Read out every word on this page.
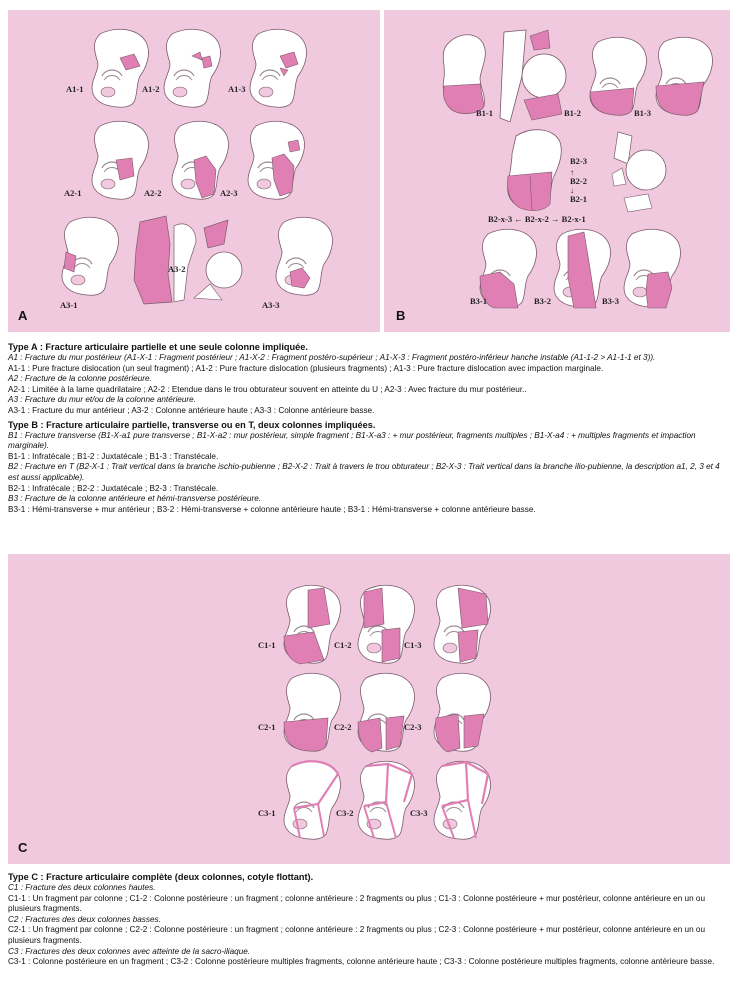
A1-1	A1-2	A1-3
A2-1	A2-2	A2-3
A3-1
A3-2
A3-3
A
B1-1	B1-2	B1-3
B2-3
↑
B2-2
↓
B2-1
B2-x-3 ← B2-x-2 → B2-x-1
B3-1	B3-2	B3-3
B

Type A : Fracture articulaire partielle et une seule colonne impliquée.

A1 : Fracture du mur postérieur (A1-X-1 : Fragment postérieur ; A1-X-2 : Fragment postéro-supérieur ; A1-X-3 : Fragment postéro-inférieur hanche instable (A1-1-2 > A1-1-1 et 3)).

A1-1 : Pure fracture dislocation (un seul fragment) ; A1-2 : Pure fracture dislocation (plusieurs fragments) ; A1-3 : Pure fracture dislocation avec impaction marginale.

A2 : Fracture de la colonne postérieure.

A2-1 : Limitée à la lame quadrilataire ; A2-2 : Etendue dans le trou obturateur souvent en atteinte du U ; A2-3 : Avec fracture du mur postérieur..

A3 : Fracture du mur et/ou de la colonne antérieure.

A3-1 : Fracture du mur antérieur ; A3-2 : Colonne antérieure haute ; A3-3 : Colonne antérieure basse.

Type B : Fracture articulaire partielle, transverse ou en T, deux colonnes impliquées.

B1 : Fracture transverse (B1-X-a1 pure transverse ; B1-X-a2 : mur postérieur, simple fragment ; B1-X-a3 : + mur postérieur, fragments multiples ; B1-X-a4 : + multiples fragments et impaction marginale).

B1-1 : Infratécale ; B1-2 : Juxtatécale ; B1-3 : Transtécale.

B2 : Fracture en T (B2-X-1 : Trait vertical dans la branche ischio-pubienne ; B2-X-2 : Trait à travers le trou obturateur ; B2-X-3 : Trait vertical dans la branche ilio-pubienne, la description a1, 2, 3 et 4 est aussi applicable).

B2-1 : Infratécale ; B2-2 : Juxtatécale ; B2-3 : Transtécale.

B3 : Fracture de la colonne antérieure et hémi-transverse postérieure.

B3-1 : Hémi-transverse + mur antérieur ; B3-2 : Hémi-transverse + colonne antérieure haute ; B3-1 : Hémi-transverse + colonne antérieure basse.

C1-1	C1-2	C1-3
C2-1	C2-2	C2-3
C3-1	C3-2	C3-3
C

Type C : Fracture articulaire complète (deux colonnes, cotyle flottant).

C1 : Fracture des deux colonnes hautes.

C1-1 : Un fragment par colonne ; C1-2 : Colonne postérieure : un fragment ; colonne antérieure : 2 fragments ou plus ; C1-3 : Colonne postérieure + mur postérieur, colonne antérieure en un ou plusieurs fragments.

C2 : Fractures des deux colonnes basses.

C2-1 : Un fragment par colonne ; C2-2 : Colonne postérieure : un fragment ; colonne antérieure : 2 fragments ou plus ; C2-3 : Colonne postérieure + mur postérieur, colonne antérieure en un ou plusieurs fragments.

C3 : Fractures des deux colonnes avec atteinte de la sacro-iliaque.

C3-1 : Colonne postérieure en un fragment ; C3-2 : Colonne postérieure multiples fragments, colonne antérieure haute ; C3-3 : Colonne postérieure multiples fragments, colonne antérieure basse.
